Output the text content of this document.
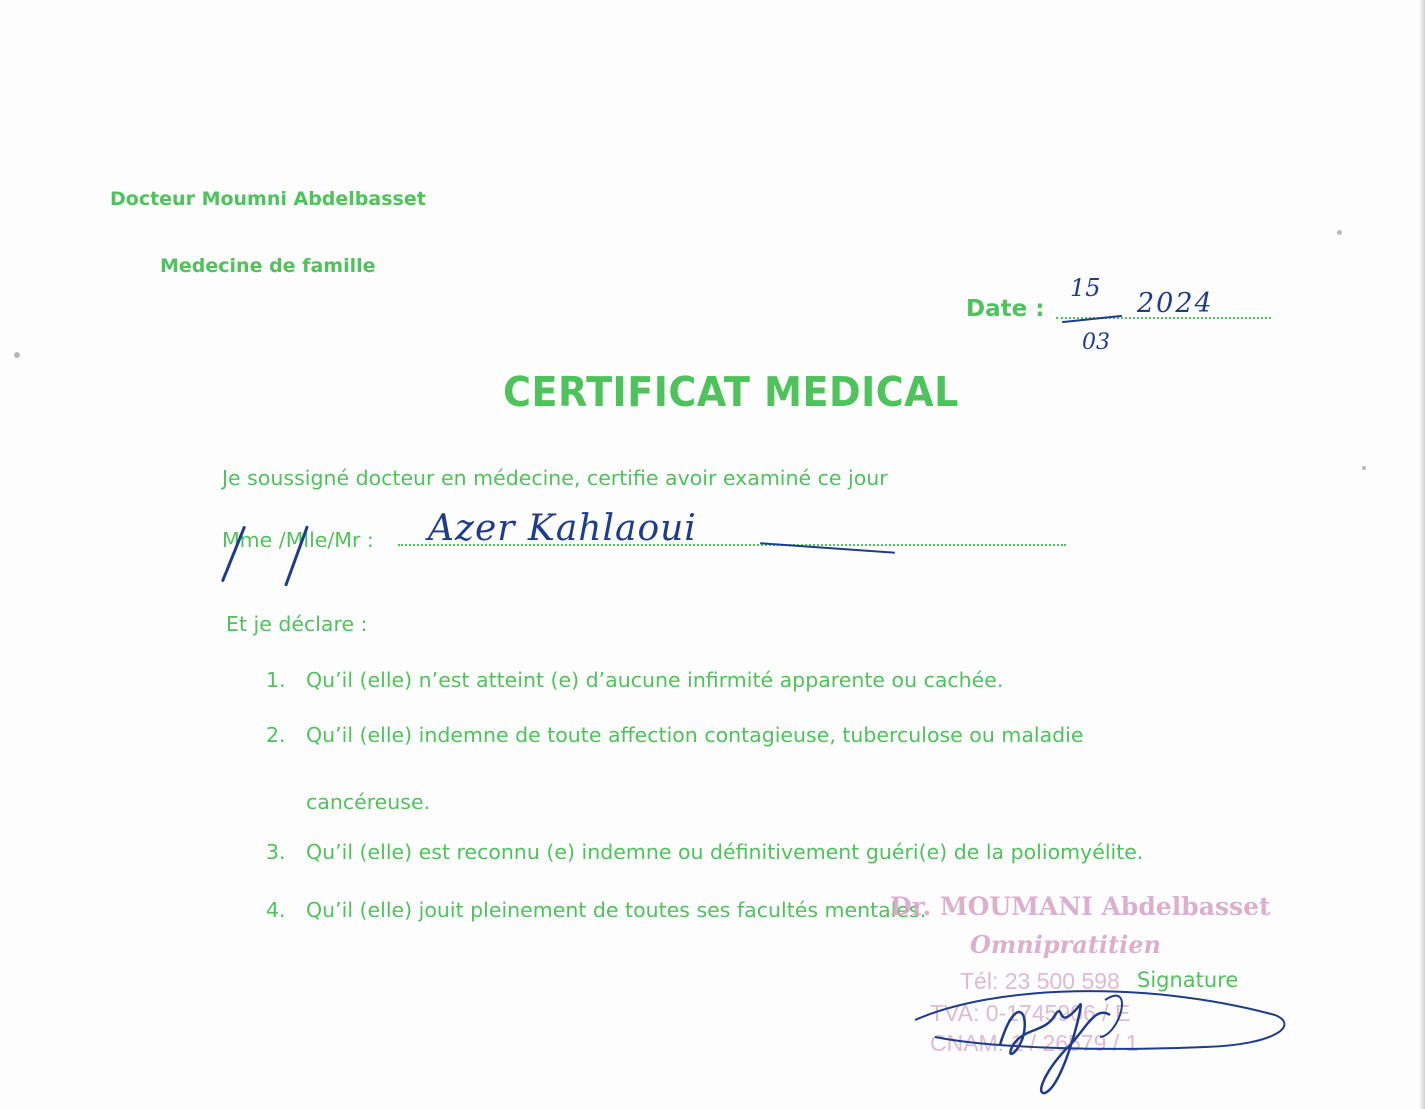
Docteur Moumni Abdelbasset
Medecine de famille
Date :
15
03
2024
CERTIFICAT MEDICAL
Je soussigné docteur en médecine, certifie avoir examiné ce jour
Mme /Mlle/Mr : Azer Kahlaoui
Et je déclare :
1. Qu’il (elle) n’est atteint (e) d’aucune infirmité apparente ou cachée.
2. Qu’il (elle) indemne de toute affection contagieuse, tuberculose ou maladie
cancéreuse.
3. Qu’il (elle) est reconnu (e) indemne ou définitivement guéri(e) de la poliomyélite.
4. Qu’il (elle) jouit pleinement de toutes ses facultés mentales.
Dr. MOUMANI Abdelbasset
Omnipratitien
Tél: 23 500 598
TVA: 0-1745906 / E
CNAM: 1 / 26579 / 1
Signature
